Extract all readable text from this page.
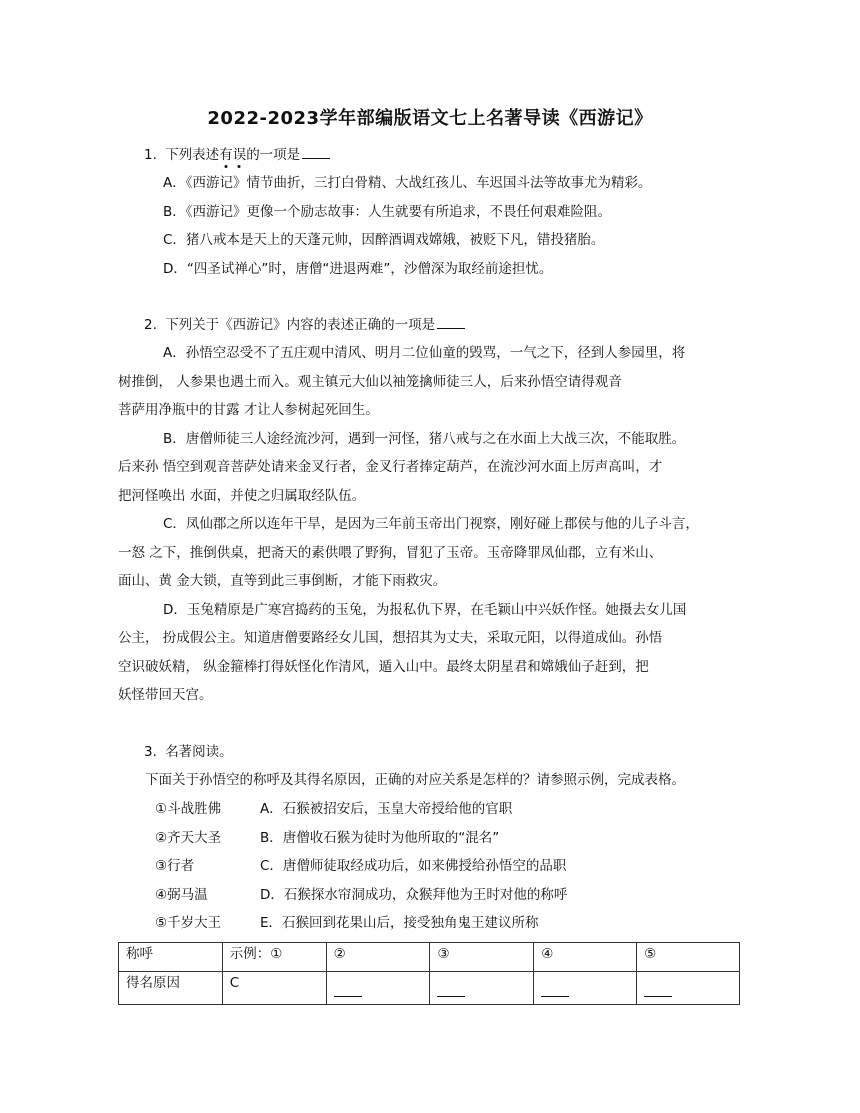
2022-2023学年部编版语文七上名著导读《西游记》
1. 下列表述有误的一项是
A．《西游记》情节曲折，三打白骨精、大战红孩儿、车迟国斗法等故事尤为精彩。
B．《西游记》更像一个励志故事：人生就要有所追求，不畏任何艰难险阻。
C．猪八戒本是天上的天蓬元帅，因醉酒调戏嫦娥，被贬下凡，错投猪胎。
D．“四圣试禅心”时，唐僧“进退两难”，沙僧深为取经前途担忧。
2. 下列关于《西游记》内容的表述正确的一项是
A．孙悟空忍受不了五庄观中清风、明月二位仙童的毁骂，一气之下，径到人参园里，将
树推倒， 人参果也遇土而入。观主镇元大仙以袖笼擒师徒三人，后来孙悟空请得观音
菩萨用净瓶中的甘露 才让人参树起死回生。
B．唐僧师徒三人途经流沙河，遇到一河怪，猪八戒与之在水面上大战三次，不能取胜。
后来孙 悟空到观音菩萨处请来金叉行者，金叉行者捧定葫芦，在流沙河水面上厉声高叫，才
把河怪唤出 水面，并使之归属取经队伍。
C．凤仙郡之所以连年干旱，是因为三年前玉帝出门视察，刚好碰上郡侯与他的儿子斗言，
一怒 之下，推倒供桌，把斋天的素供喂了野狗，冒犯了玉帝。玉帝降罪凤仙郡，立有米山、
面山、黄 金大锁，直等到此三事倒断，才能下雨救灾。
D．玉兔精原是广寒宫捣药的玉兔，为报私仇下界，在毛颖山中兴妖作怪。她摄去女儿国
公主， 扮成假公主。知道唐僧要路经女儿国，想招其为丈夫，采取元阳，以得道成仙。孙悟
空识破妖精， 纵金箍棒打得妖怪化作清风，遁入山中。最终太阴星君和嫦娥仙子赶到，把
妖怪带回天宫。
3. 名著阅读。
下面关于孙悟空的称呼及其得名原因，正确的对应关系是怎样的？请参照示例，完成表格。
①斗战胜佛	A．石猴被招安后，玉皇大帝授给他的官职
②齐天大圣	B．唐僧收石猴为徒时为他所取的“混名”
③行者	C．唐僧师徒取经成功后，如来佛授给孙悟空的品职
④弼马温	D．石猴探水帘洞成功，众猴拜他为王时对他的称呼
⑤千岁大王	E．石猴回到花果山后，接受独角鬼王建议所称
称呼	示例：①	②	③	④	⑤
得名原因	C				
